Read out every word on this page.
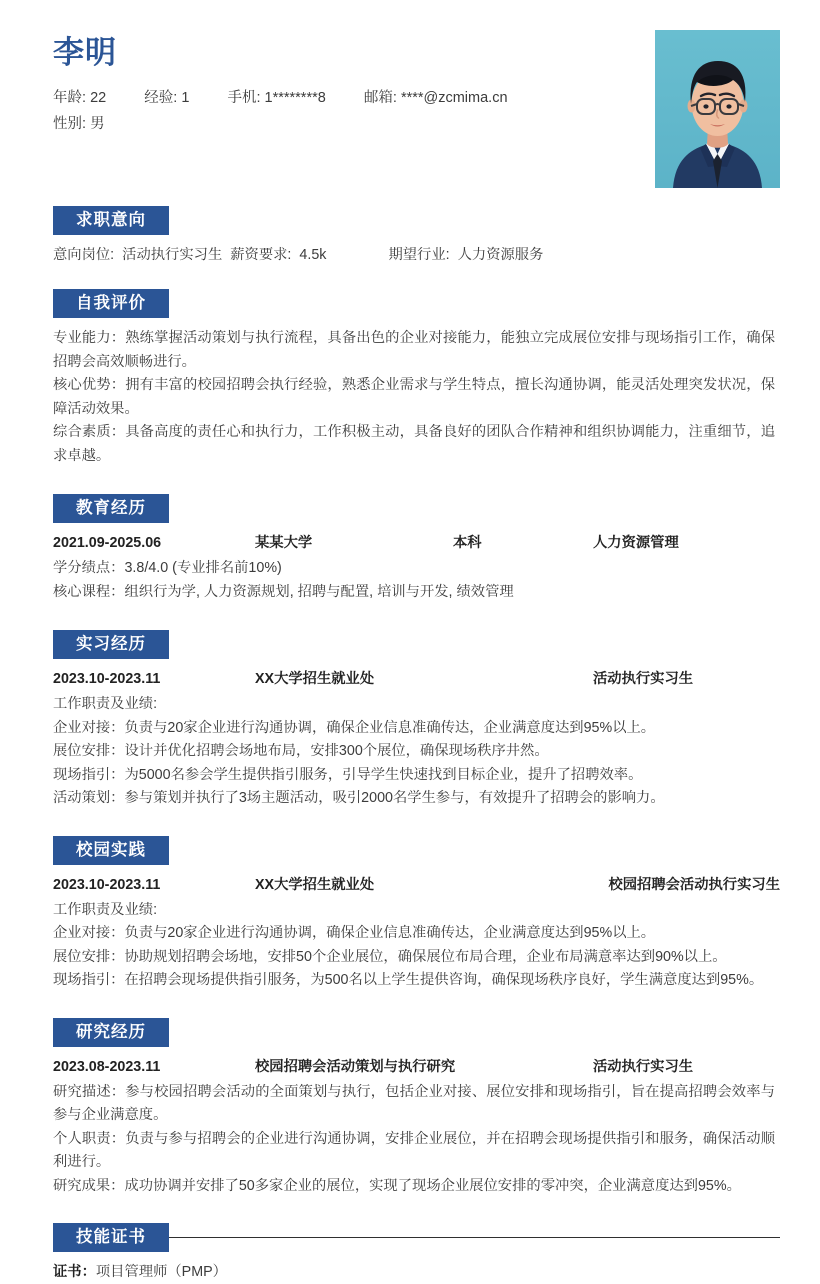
李明
年龄: 22	经验: 1	手机: 1********8	邮箱: ****@zcmima.cn
性别: 男
求职意向
意向岗位: 活动执行实习生 薪资要求: 4.5k	期望行业: 人力资源服务
自我评价

专业能力：熟练掌握活动策划与执行流程，具备出色的企业对接能力，能独立完成展位安排与现场指引工作，确保招聘会高效顺畅进行。

核心优势：拥有丰富的校园招聘会执行经验，熟悉企业需求与学生特点，擅长沟通协调，能灵活处理突发状况，保障活动效果。

综合素质：具备高度的责任心和执行力，工作积极主动，具备良好的团队合作精神和组织协调能力，注重细节，追求卓越。

教育经历
2021.09-2025.06	某某大学	本科	人力资源管理

学分绩点：3.8/4.0 (专业排名前10%)

核心课程：组织行为学, 人力资源规划, 招聘与配置, 培训与开发, 绩效管理

实习经历
2023.10-2023.11	XX大学招生就业处	活动执行实习生

工作职责及业绩:

企业对接：负责与20家企业进行沟通协调，确保企业信息准确传达，企业满意度达到95%以上。

展位安排：设计并优化招聘会场地布局，安排300个展位，确保现场秩序井然。

现场指引：为5000名参会学生提供指引服务，引导学生快速找到目标企业，提升了招聘效率。

活动策划：参与策划并执行了3场主题活动，吸引2000名学生参与，有效提升了招聘会的影响力。

校园实践
2023.10-2023.11	XX大学招生就业处	校园招聘会活动执行实习生

工作职责及业绩:

企业对接：负责与20家企业进行沟通协调，确保企业信息准确传达，企业满意度达到95%以上。

展位安排：协助规划招聘会场地，安排50个企业展位，确保展位布局合理，企业布局满意率达到90%以上。

现场指引：在招聘会现场提供指引服务，为500名以上学生提供咨询，确保现场秩序良好，学生满意度达到95%。

研究经历
2023.08-2023.11	校园招聘会活动策划与执行研究	活动执行实习生

研究描述：参与校园招聘会活动的全面策划与执行，包括企业对接、展位安排和现场指引，旨在提高招聘会效率与参与企业满意度。

个人职责：负责与参与招聘会的企业进行沟通协调，安排企业展位，并在招聘会现场提供指引和服务，确保活动顺利进行。

研究成果：成功协调并安排了50多家企业的展位，实现了现场企业展位安排的零冲突，企业满意度达到95%。

技能证书
证书：项目管理师（PMP）
